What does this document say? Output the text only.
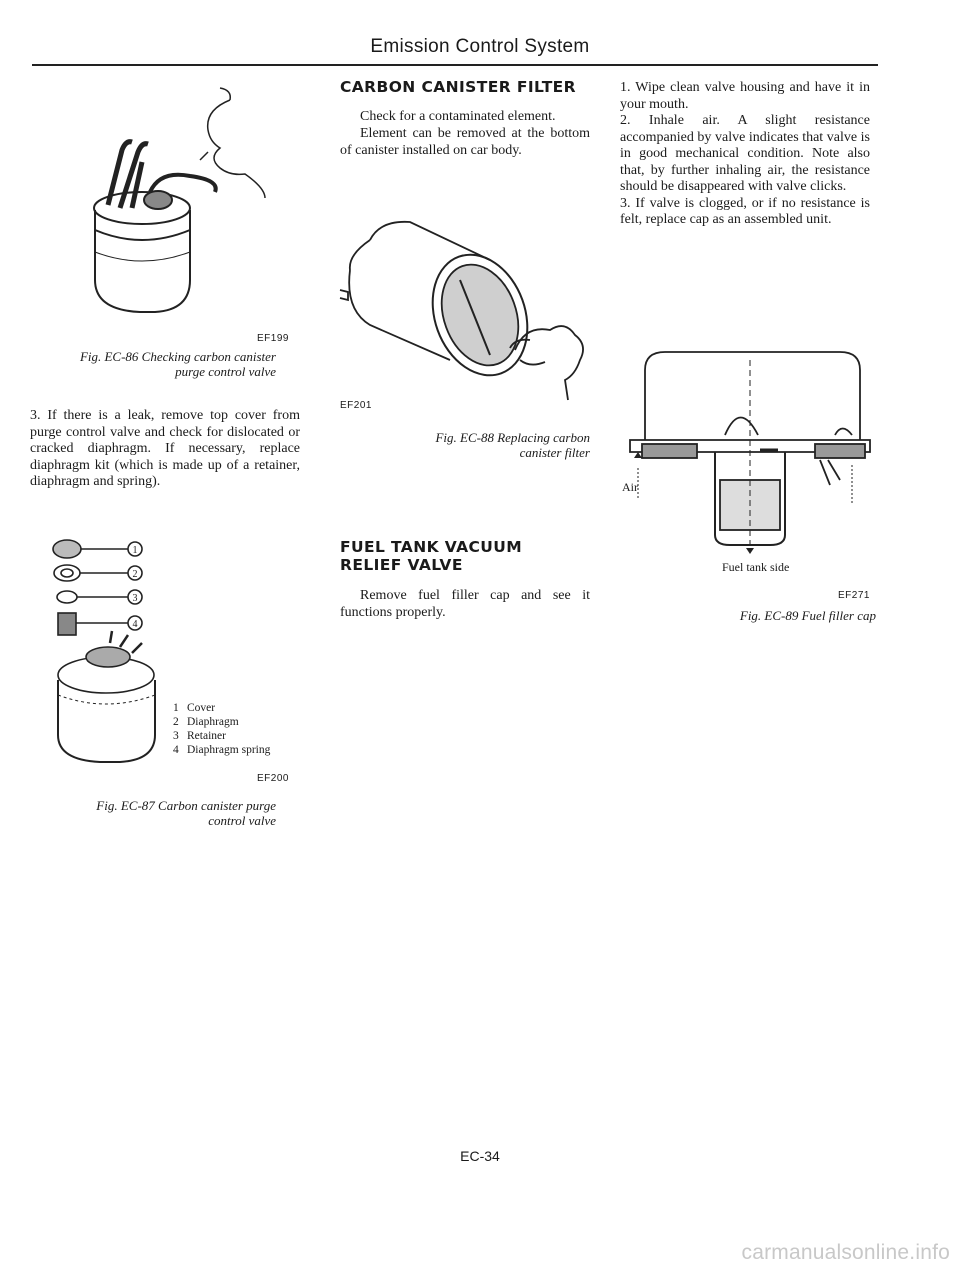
Emission Control System
EF199
Fig. EC-86 Checking carbon canister
purge control valve
3. If there is a leak, remove top cover from purge control valve and check for dislocated or cracked diaphragm. If necessary, replace diaphragm kit (which is made up of a retainer, diaphragm and spring).
1
2
3
4
1 Cover
2 Diaphragm
3 Retainer
4 Diaphragm spring
EF200
Fig. EC-87 Carbon canister purge
control valve
CARBON CANISTER FILTER
Check for a contaminated element.
Element can be removed at the bottom of canister installed on car body.
EF201
Fig. EC-88 Replacing carbon
canister filter
FUEL TANK VACUUM
RELIEF VALVE
Remove fuel filler cap and see it functions properly.
1. Wipe clean valve housing and have it in your mouth.
2. Inhale air. A slight resistance accompanied by valve indicates that valve is in good mechanical condition. Note also that, by further inhaling air, the resistance should be disappeared with valve clicks.
3. If valve is clogged, or if no resistance is felt, replace cap as an assembled unit.
Air
Fuel tank side
EF271
Fig. EC-89 Fuel filler cap
EC-34
carmanualsonline.info
